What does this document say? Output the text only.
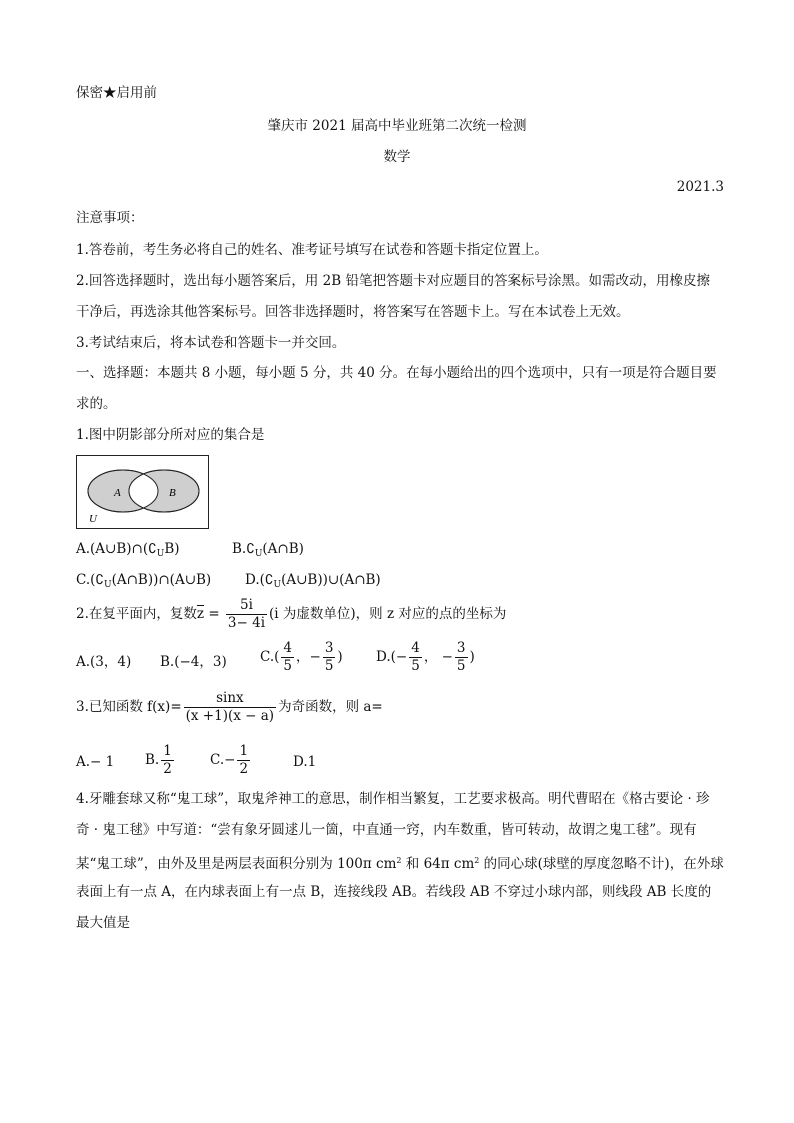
保密★启用前
肇庆市 2021 届高中毕业班第二次统一检测
数学
2021.3
注意事项：
1.答卷前，考生务必将自己的姓名、准考证号填写在试卷和答题卡指定位置上。
2.回答选择题时，选出每小题答案后，用 2B 铅笔把答题卡对应题目的答案标号涂黑。如需改动，用橡皮擦
干净后，再选涂其他答案标号。回答非选择题时，将答案写在答题卡上。写在本试卷上无效。
3.考试结束后，将本试卷和答题卡一并交回。
一、选择题：本题共 8 小题，每小题 5 分，共 40 分。在每小题给出的四个选项中，只有一项是符合题目要
求的。
1.图中阴影部分所对应的集合是
A	B
U
$A.(A\cup B)\cap(∁_UB)$	$B.∁_U(A\cap B)$
$C.(∁_U(A\cap B))\cap(A\cup B)$	$D.(∁_U(A\cup B))\cup(A\cap B)$
2.在复平面内，复数$\overline{z} = \frac{5i}{3- 4i} (i$ 为虚数单位)，则 z 对应的点的坐标为
A.(3，4) B.(−4，3) $C.( \frac{4}{5}$ ，− $\frac{3}{5}$ ) $D.(- \frac{4}{5}$ ， − $\frac{3}{5}$ )
3.已知函数 $f(x)= \frac{\sin x}{(x +1)(x - a)}$ 为奇函数，则 a=
A.− 1 B. $\frac{1}{2}$	$C.- \frac{1}{2}$	D.1
4.牙雕套球又称“鬼工球”，取鬼斧神工的意思，制作相当繁复，工艺要求极高。明代曹昭在《格古要论 · 珍
奇 · 鬼工毬》中写道：“尝有象牙圆逑儿一箇，中直通一窍，内车数重，皆可转动，故谓之鬼工毬”。现有
某“鬼工球”，由外及里是两层表面积分别为 100π $cm^2$ 和 64π $cm^2$ 的同心球(球壁的厚度忽略不计)，在外球
表面上有一点 A，在内球表面上有一点 B，连接线段 AB。若线段 AB 不穿过小球内部，则线段 AB 长度的
最大值是
